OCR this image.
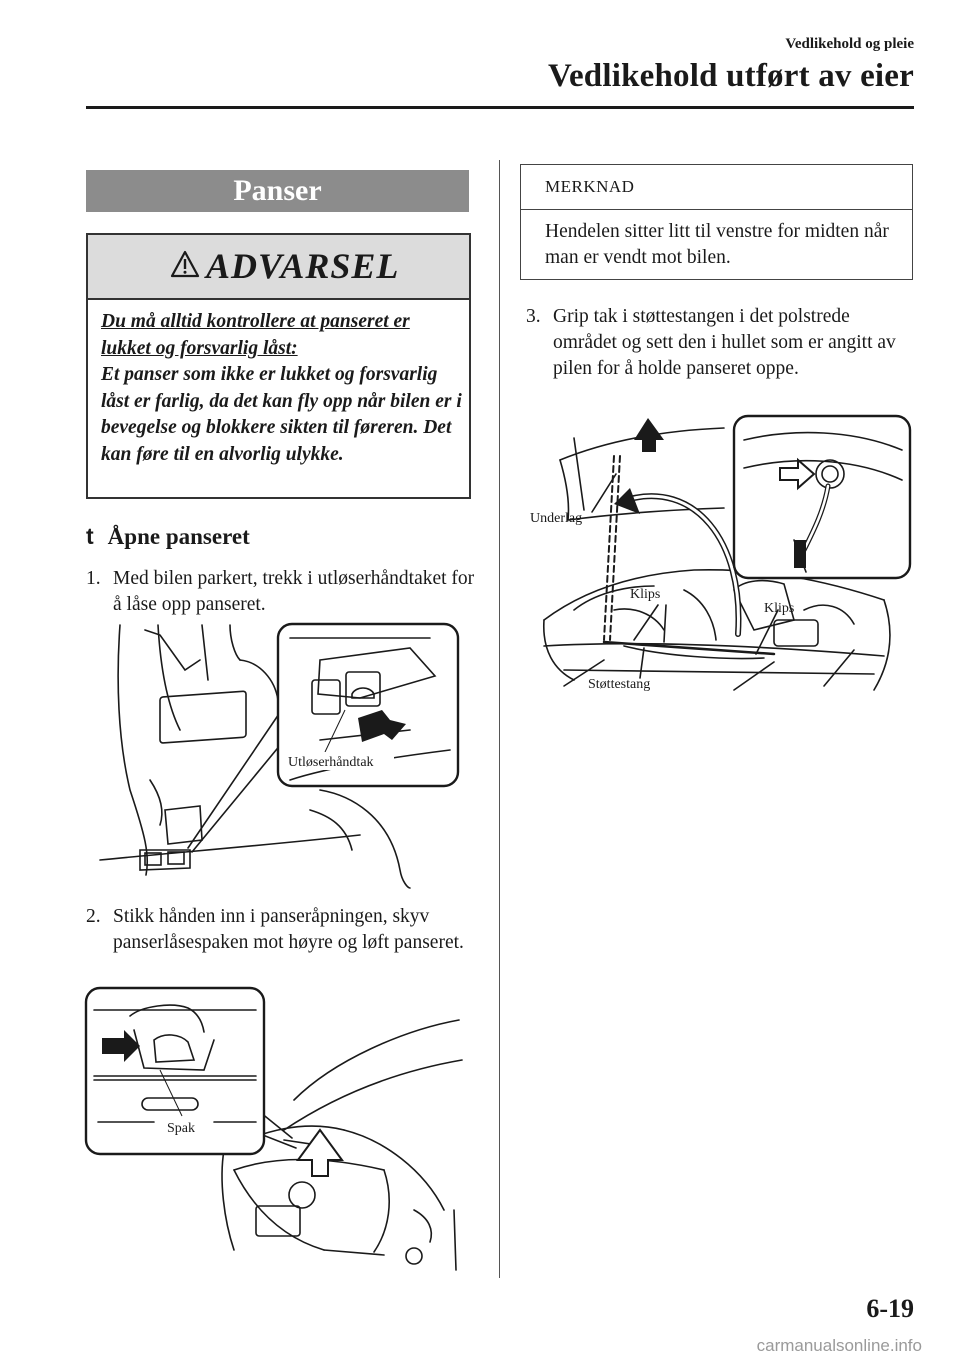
Vedlikehold og pleie
Vedlikehold utført av eier
Panser
ADVARSEL
Du må alltid kontrollere at panseret er lukket og forsvarlig låst:
Et panser som ikke er lukket og forsvarlig låst er farlig, da det kan fly opp når bilen er i bevegelse og blokkere sikten til føreren. Det kan føre til en alvorlig ulykke.
t Åpne panseret
1. Med bilen parkert, trekk i utløserhåndtaket for å låse opp panseret.
Utløserhåndtak
2. Stikk hånden inn i panseråpningen, skyv panserlåsespaken mot høyre og løft panseret.
Spak
MERKNAD
Hendelen sitter litt til venstre for midten når man er vendt mot bilen.
3. Grip tak i støttestangen i det polstrede området og sett den i hullet som er angitt av pilen for å holde panseret oppe.
Underlag
Klips
Klips
Støttestang
6-19
carmanualsonline.info
